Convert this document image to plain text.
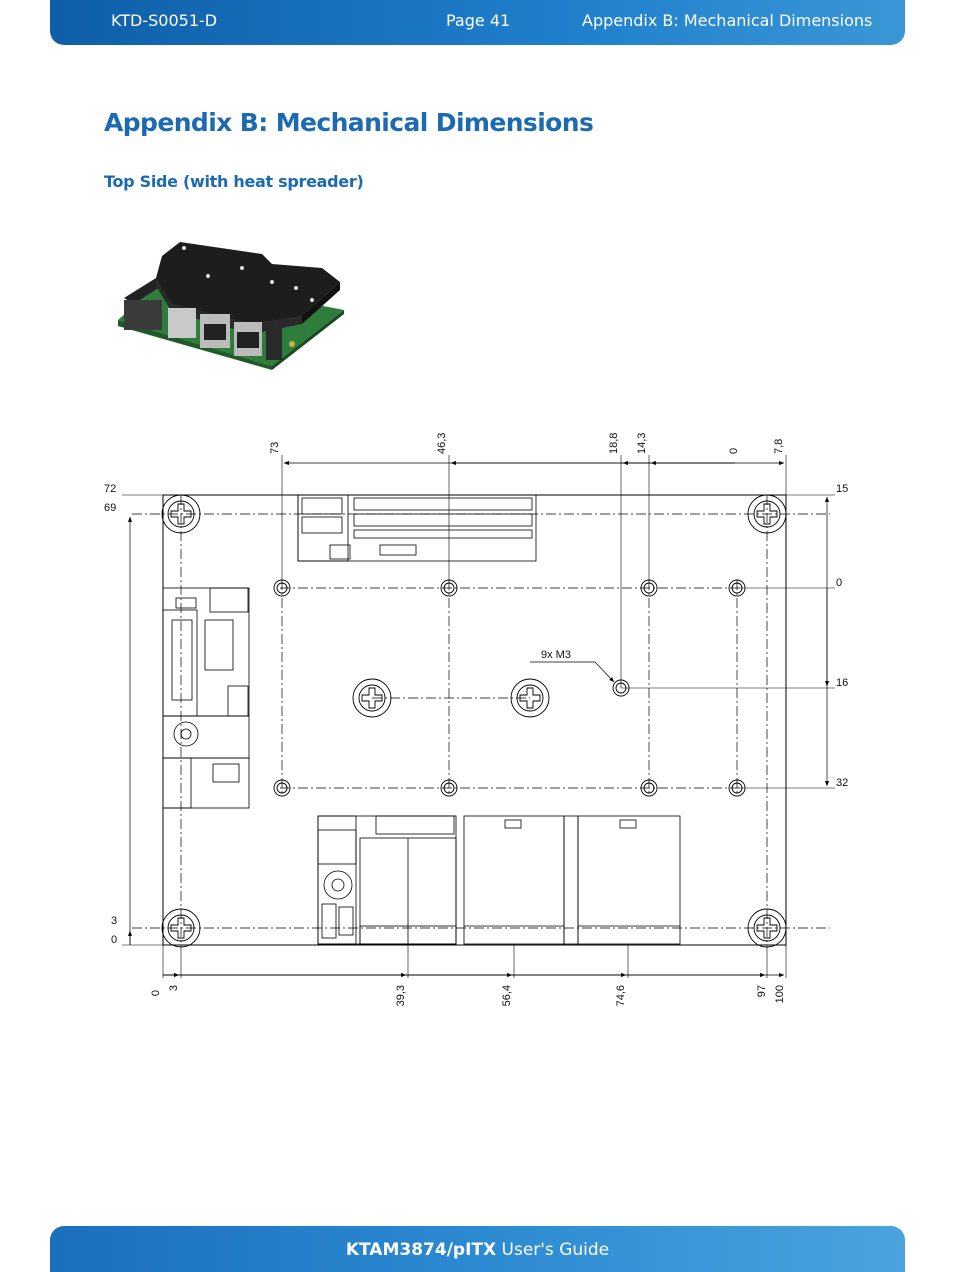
KTD-S0051-D	Page 41	Appendix B: Mechanical Dimensions
Appendix B: Mechanical Dimensions
Top Side (with heat spreader)
73	46,3	18,8 14,3	0	7,8
0
3	39,3	56,4	74,6	97 100
72
69
3
0
15
0
16
32
9x M3
KTAM3874/pITX User's Guide
